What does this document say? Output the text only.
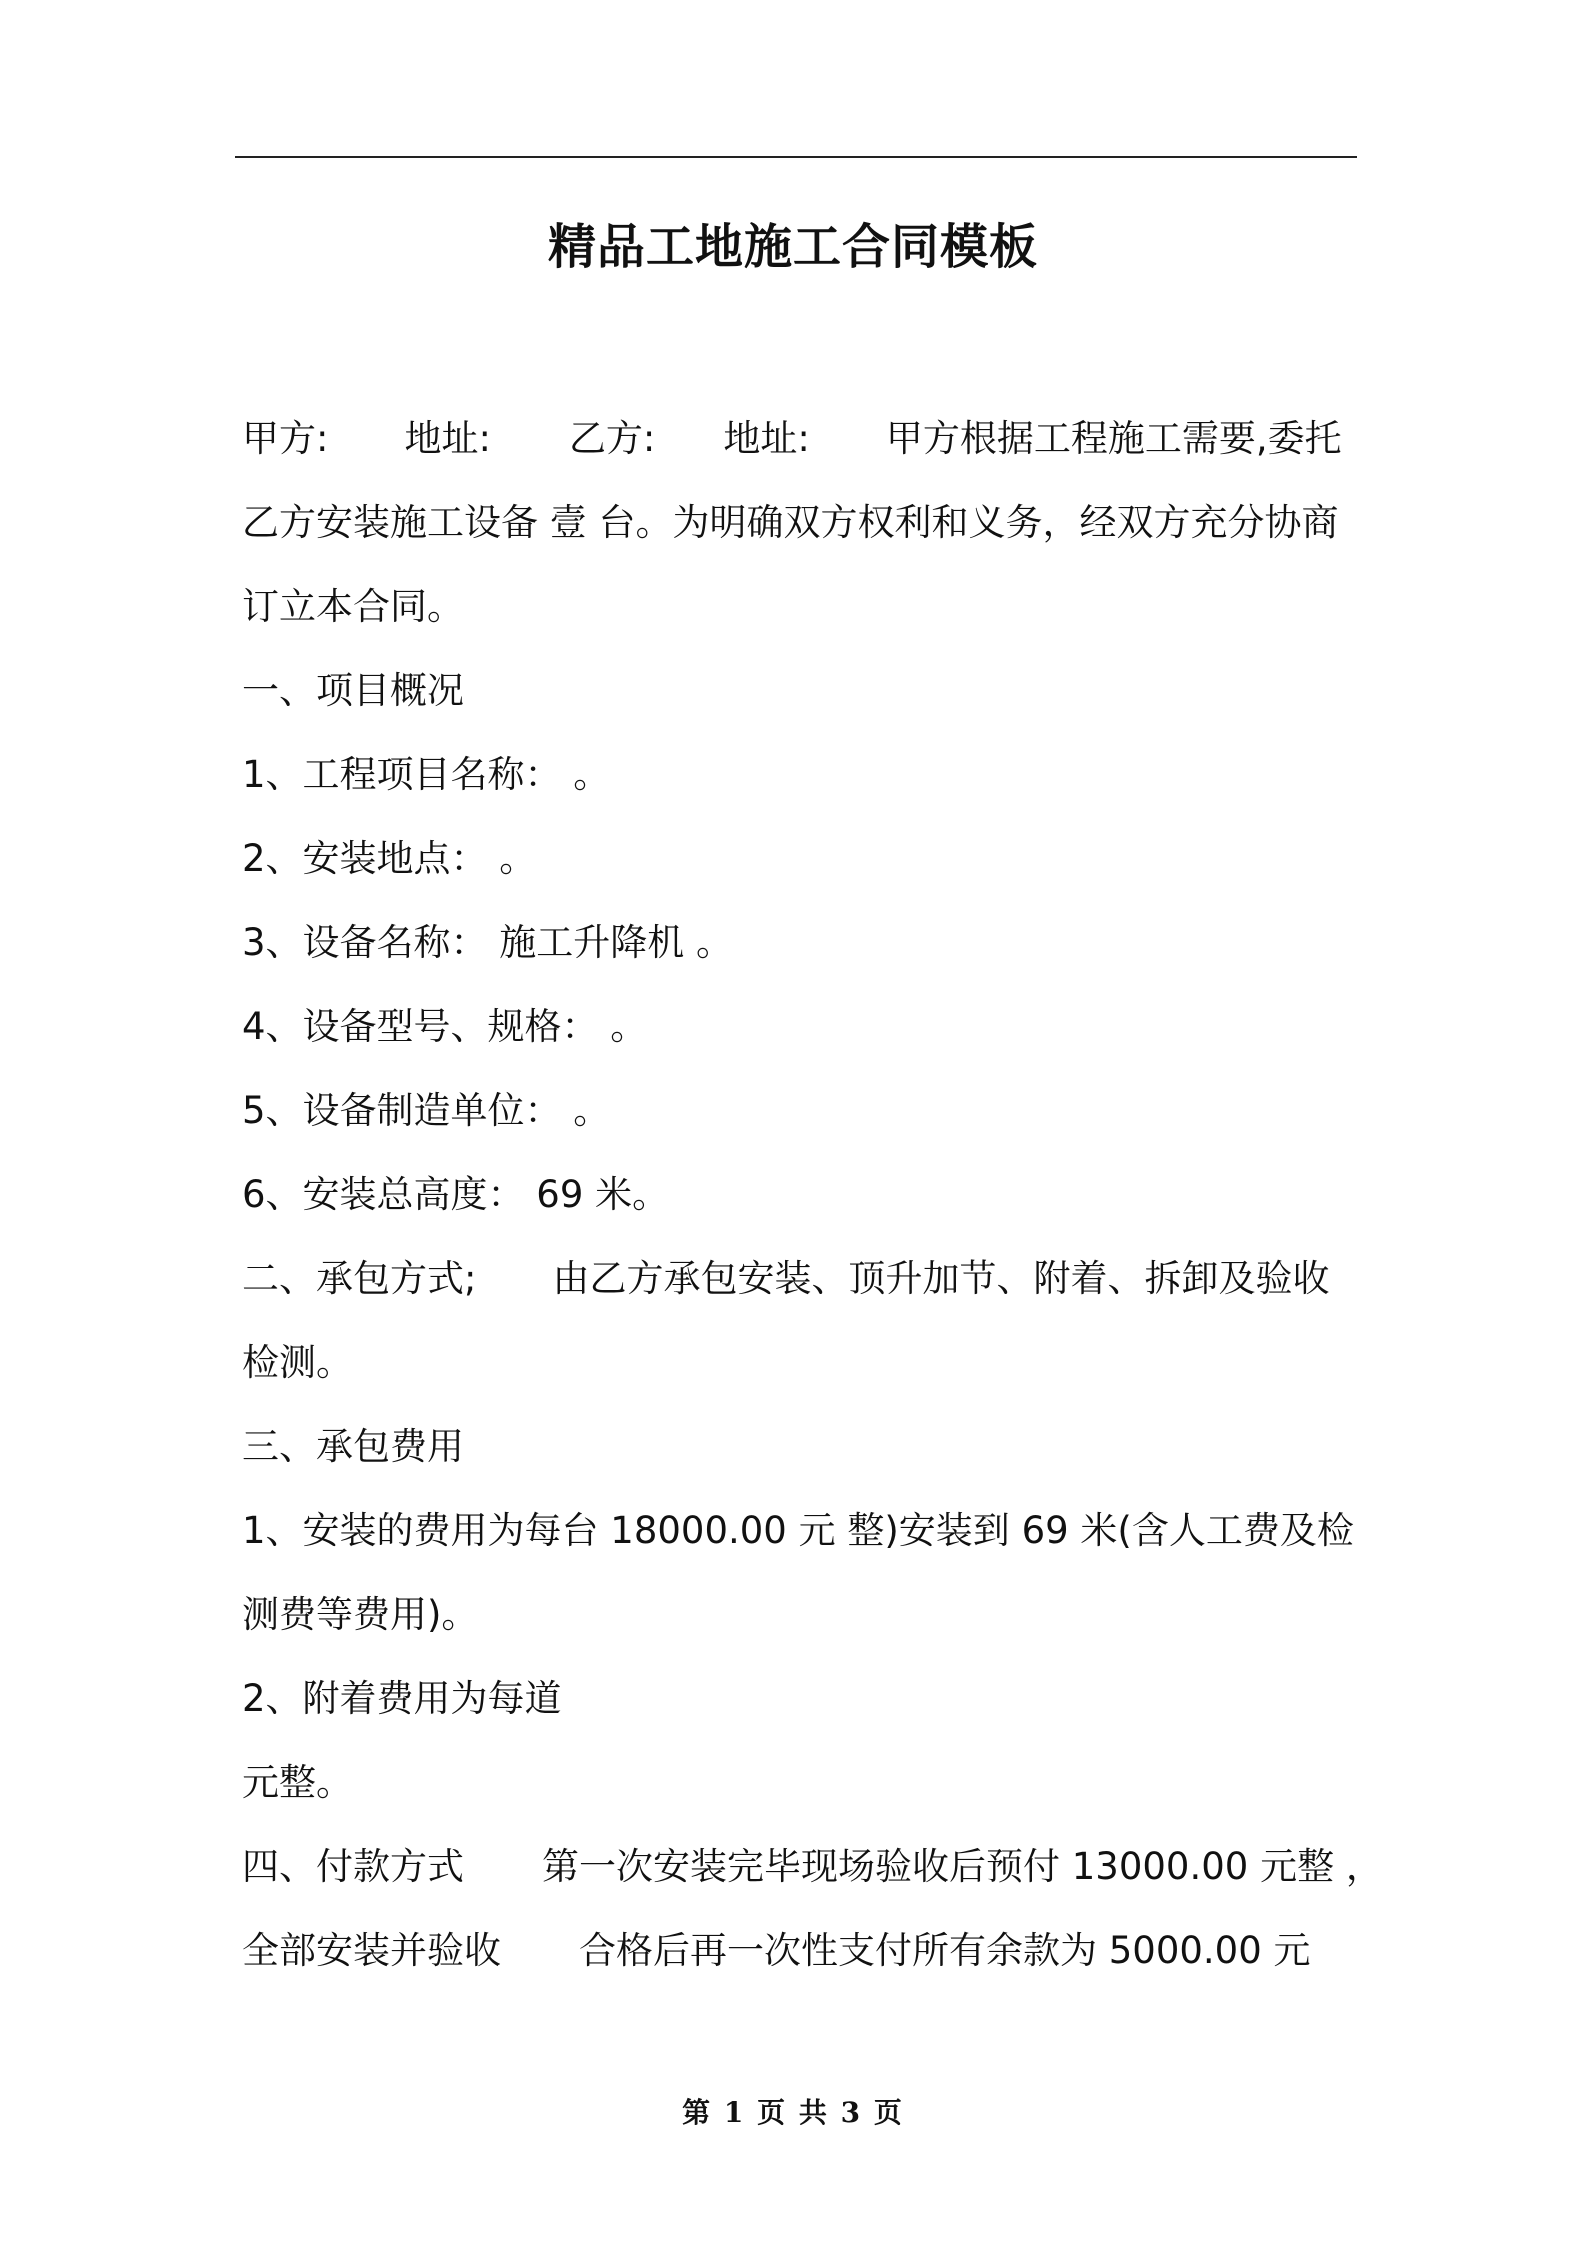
精品工地施工合同模板
甲方: 地址: 乙方: 地址: 甲方根据工程施工需要,委托
乙方安装施工设备 壹 台。为明确双方权利和义务，经双方充分协商
订立本合同。
一、项目概况
1、工程项目名称： 。
2、安装地点： 。
3、设备名称： 施工升降机 。
4、设备型号、规格： 。
5、设备制造单位： 。
6、安装总高度： 69 米。
二、承包方式; 由乙方承包安装、顶升加节、附着、拆卸及验收
检测。
三、承包费用
1、安装的费用为每台 18000.00 元 整)安装到 69 米(含人工费及检
测费等费用)。
2、附着费用为每道
元整。
四、付款方式 第一次安装完毕现场验收后预付 13000.00 元整 ，
全部安装并验收 合格后再一次性支付所有余款为 5000.00 元
第 1 页 共 3 页
